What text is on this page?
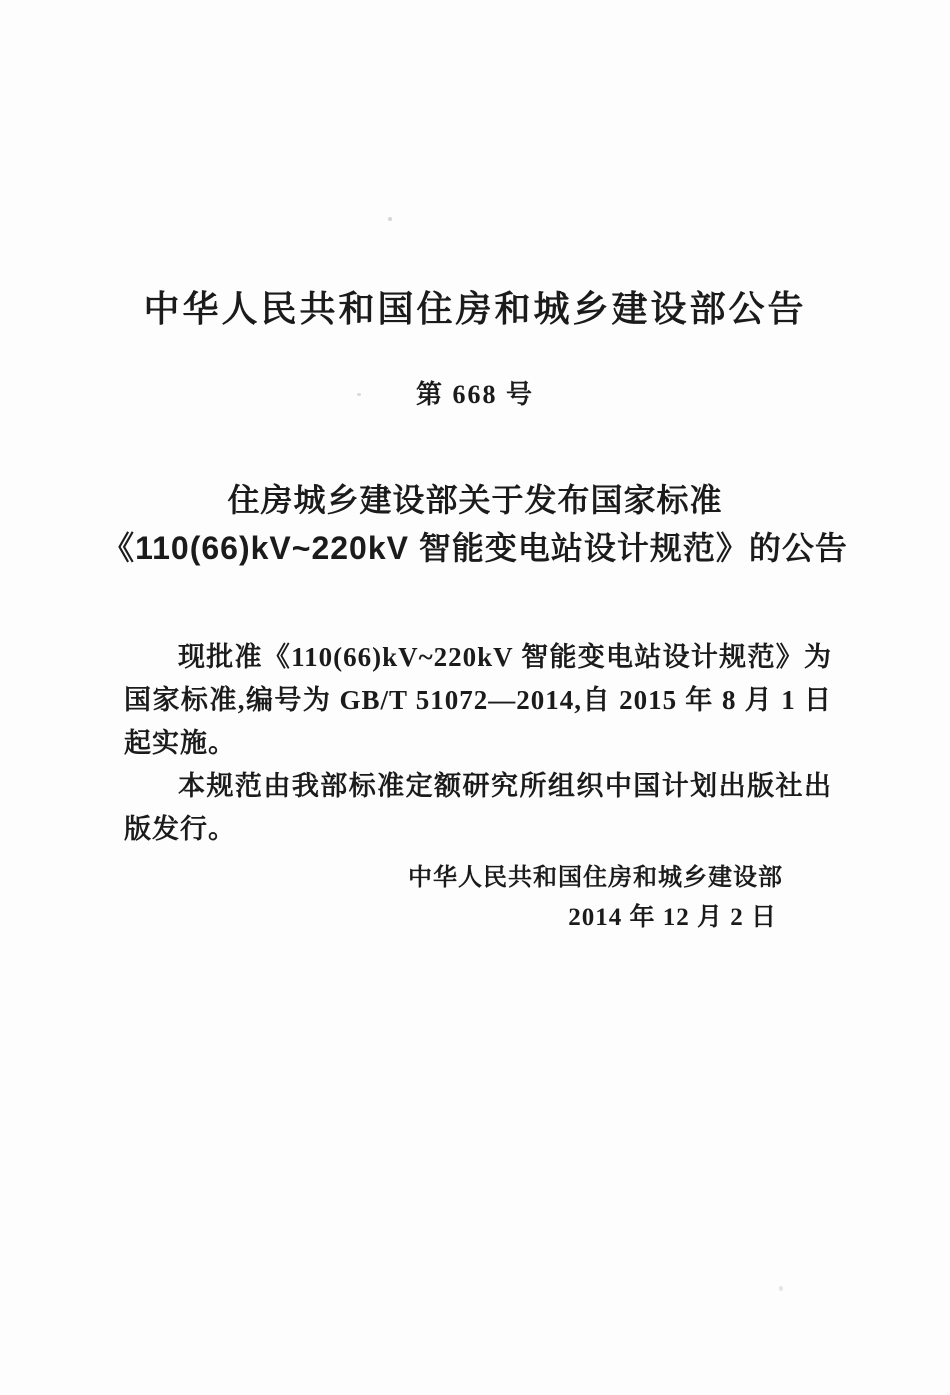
中华人民共和国住房和城乡建设部公告
第 668 号
住房城乡建设部关于发布国家标准
《110(66)kV~220kV 智能变电站设计规范》的公告

现批准《110(66)kV~220kV 智能变电站设计规范》为国家标准,编号为 GB/T 51072—2014,自 2015 年 8 月 1 日起实施。

本规范由我部标准定额研究所组织中国计划出版社出版发行。

中华人民共和国住房和城乡建设部
2014 年 12 月 2 日
